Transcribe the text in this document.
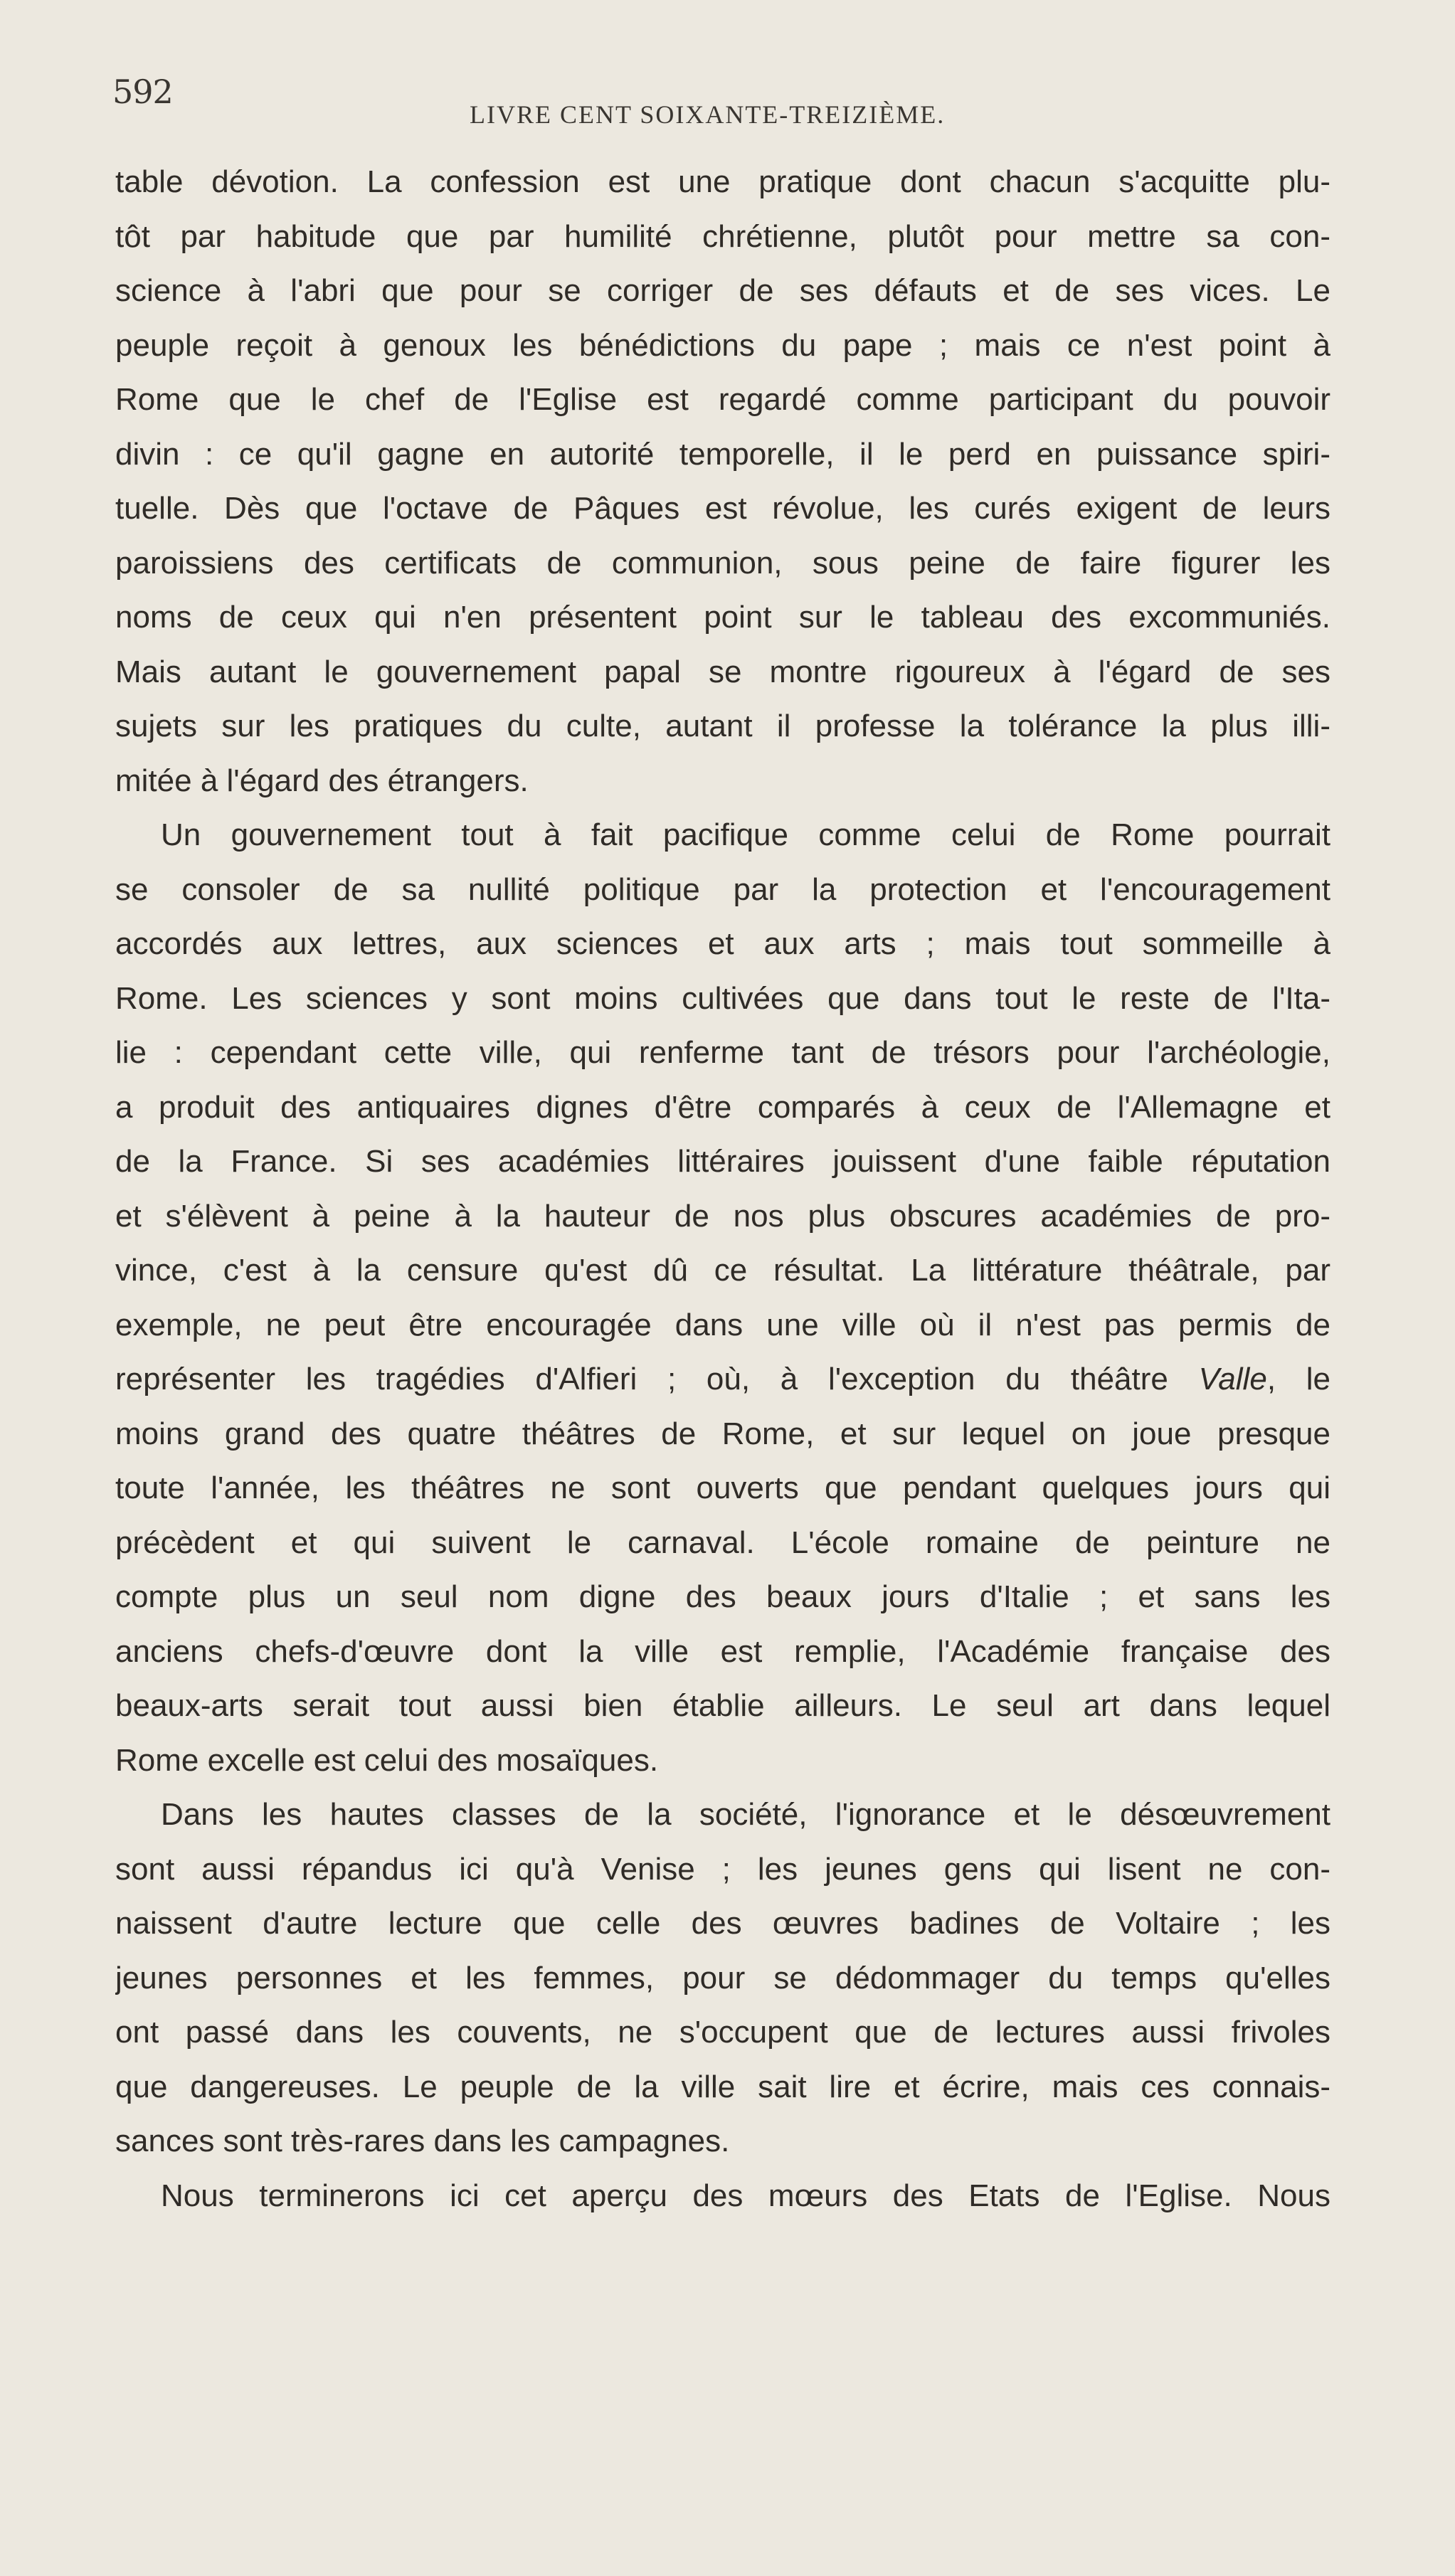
592
LIVRE CENT SOIXANTE-TREIZIÈME.
table dévotion. La confession est une pratique dont chacun s'acquitte plu-
tôt par habitude que par humilité chrétienne, plutôt pour mettre sa con-
science à l'abri que pour se corriger de ses défauts et de ses vices. Le
peuple reçoit à genoux les bénédictions du pape ; mais ce n'est point à
Rome que le chef de l'Eglise est regardé comme participant du pouvoir
divin : ce qu'il gagne en autorité temporelle, il le perd en puissance spiri-
tuelle. Dès que l'octave de Pâques est révolue, les curés exigent de leurs
paroissiens des certificats de communion, sous peine de faire figurer les
noms de ceux qui n'en présentent point sur le tableau des excommuniés.
Mais autant le gouvernement papal se montre rigoureux à l'égard de ses
sujets sur les pratiques du culte, autant il professe la tolérance la plus illi-
mitée à l'égard des étrangers.
Un gouvernement tout à fait pacifique comme celui de Rome pourrait
se consoler de sa nullité politique par la protection et l'encouragement
accordés aux lettres, aux sciences et aux arts ; mais tout sommeille à
Rome. Les sciences y sont moins cultivées que dans tout le reste de l'Ita-
lie : cependant cette ville, qui renferme tant de trésors pour l'archéologie,
a produit des antiquaires dignes d'être comparés à ceux de l'Allemagne et
de la France. Si ses académies littéraires jouissent d'une faible réputation
et s'élèvent à peine à la hauteur de nos plus obscures académies de pro-
vince, c'est à la censure qu'est dû ce résultat. La littérature théâtrale, par
exemple, ne peut être encouragée dans une ville où il n'est pas permis de
représenter les tragédies d'Alfieri ; où, à l'exception du théâtre Valle, le
moins grand des quatre théâtres de Rome, et sur lequel on joue presque
toute l'année, les théâtres ne sont ouverts que pendant quelques jours qui
précèdent et qui suivent le carnaval. L'école romaine de peinture ne
compte plus un seul nom digne des beaux jours d'Italie ; et sans les
anciens chefs-d'œuvre dont la ville est remplie, l'Académie française des
beaux-arts serait tout aussi bien établie ailleurs. Le seul art dans lequel
Rome excelle est celui des mosaïques.
Dans les hautes classes de la société, l'ignorance et le désœuvrement
sont aussi répandus ici qu'à Venise ; les jeunes gens qui lisent ne con-
naissent d'autre lecture que celle des œuvres badines de Voltaire ; les
jeunes personnes et les femmes, pour se dédommager du temps qu'elles
ont passé dans les couvents, ne s'occupent que de lectures aussi frivoles
que dangereuses. Le peuple de la ville sait lire et écrire, mais ces connais-
sances sont très-rares dans les campagnes.
Nous terminerons ici cet aperçu des mœurs des Etats de l'Eglise. Nous
